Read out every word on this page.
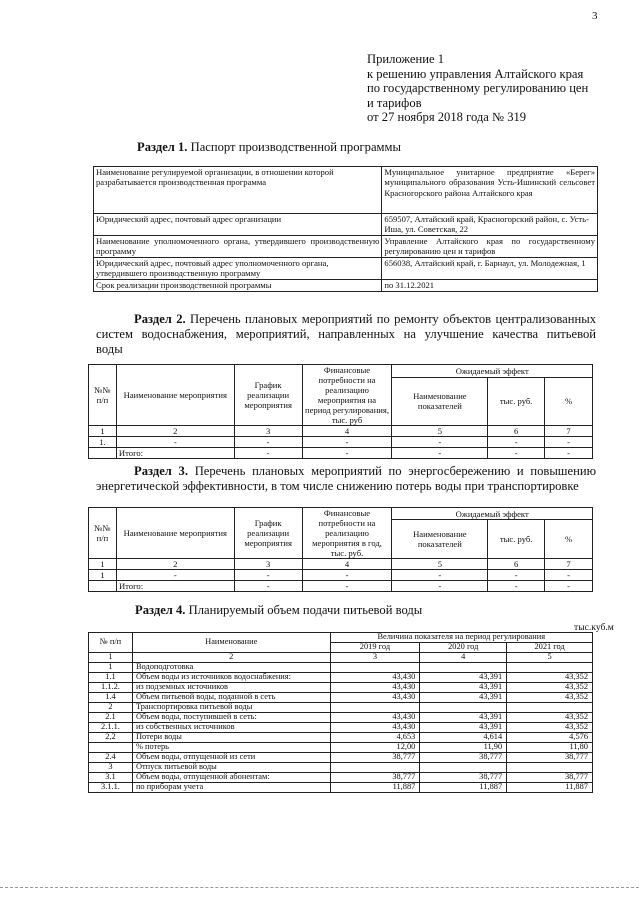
3
Приложение 1
к решению управления Алтайского края
по государственному регулированию цен
и тарифов
от 27 ноября 2018 года № 319
Раздел 1. Паспорт производственной программы
Наименование регулируемой организации, в отношении которой разрабатывается производственная программа	Муниципальное унитарное предприятие «Берег» муниципального образования Усть-Ишинский сельсовет Красногорского района Алтайского края
Юридический адрес, почтовый адрес организации	659507, Алтайский край, Красногорский район, с. Усть-Иша, ул. Советская, 22
Наименование уполномоченного органа, утвердившего производственную программу	Управление Алтайского края по государственному регулированию цен и тарифов
Юридический адрес, почтовый адрес уполномоченного органа, утвердившего производственную программу	656038, Алтайский край, г. Барнаул, ул. Молодежная, 1
Срок реализации производственной программы	по 31.12.2021
Раздел 2. Перечень плановых мероприятий по ремонту объектов централизованных
систем водоснабжения, мероприятий, направленных на улучшение качества питьевой
воды
№№ п/п	Наименование мероприятия	График реализации мероприятия	Финансовые потребности на реализацию мероприятия на период регулирования, тыс. руб	Ожидаемый эффект		
				Наименование показателей	тыс. руб.	%
1	2	3	4	5	6	7
1.	-	-	-	-	-	-
	Итого:	-	-	-	-	-
Раздел 3. Перечень плановых мероприятий по энергосбережению и повышению
энергетической эффективности, в том числе снижению потерь воды при транспортировке
№№ п/п	Наименование мероприятия	График реализации мероприятия	Финансовые потребности на реализацию мероприятия в год, тыс. руб.	Ожидаемый эффект		
				Наименование показателей	тыс. руб.	%
1	2	3	4	5	6	7
1	-	-	-	-	-	-
	Итого:	-	-	-	-	-
Раздел 4. Планируемый объем подачи питьевой воды
тыс.куб.м
№ п/п	Наименование	Величина показателя на период регулирования		
		2019 год	2020 год	2021 год
1	2	3	4	5
1	Водоподготовка			
1.1	Объем воды из источников водоснабжения:	43,430	43,391	43,352
1.1.2.	из подземных источников	43,430	43,391	43,352
1.4	Объем питьевой воды, поданной в сеть	43,430	43,391	43,352
2	Транспортировка питьевой воды			
2.1	Объем воды, поступившей в сеть:	43,430	43,391	43,352
2.1.1.	из собственных источников	43,430	43,391	43,352
2,2	Потери воды	4,653	4,614	4,576
	% потерь	12,00	11,90	11,80
2.4	Объем воды, отпущенной из сети	38,777	38,777	38,777
3	Отпуск питьевой воды			
3.1	Объем воды, отпущенной абонентам:	38,777	38,777	38,777
3.1.1.	по приборам учета	11,887	11,887	11,887
